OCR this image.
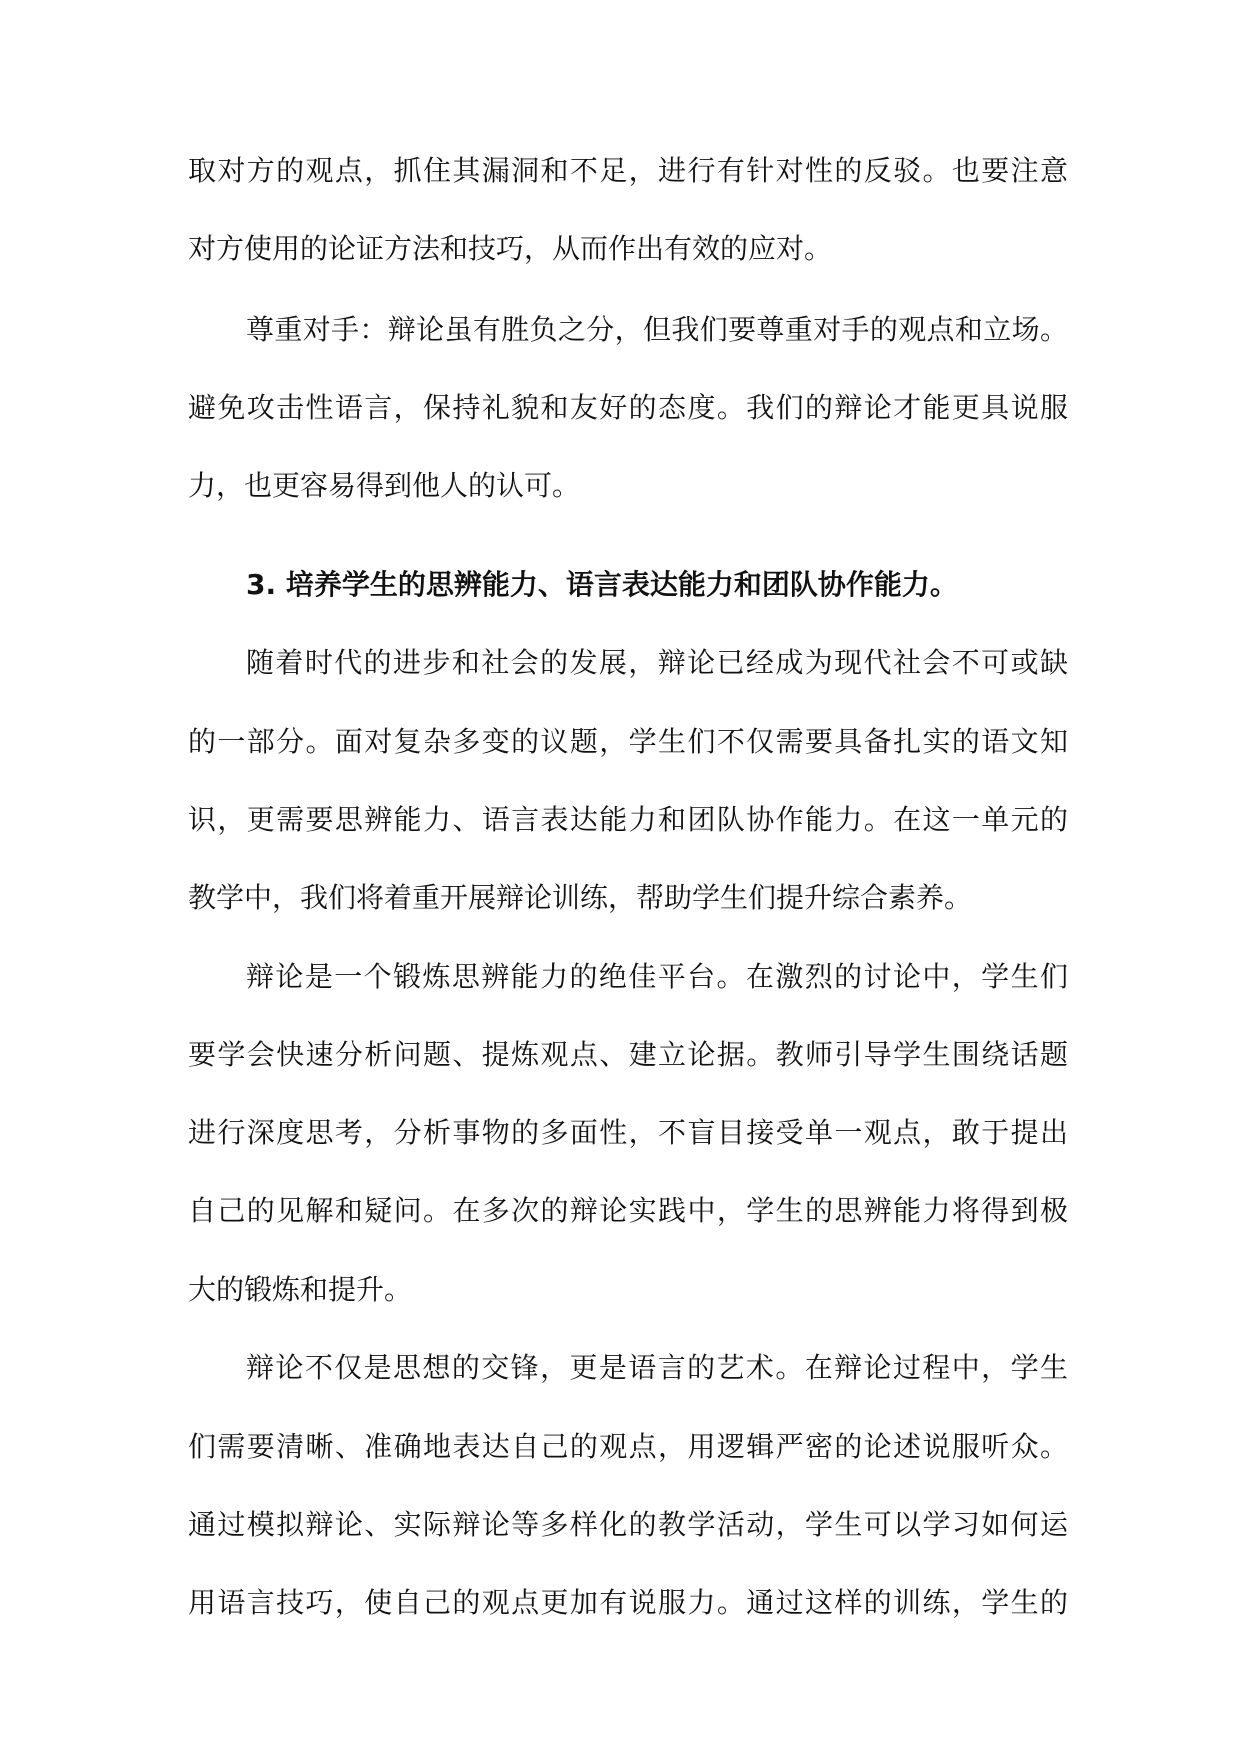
取对方的观点，抓住其漏洞和不足，进行有针对性的反驳。也要注意
对方使用的论证方法和技巧，从而作出有效的应对。
尊重对手：辩论虽有胜负之分，但我们要尊重对手的观点和立场。
避免攻击性语言，保持礼貌和友好的态度。我们的辩论才能更具说服
力，也更容易得到他人的认可。
3. 培养学生的思辨能力、语言表达能力和团队协作能力。
随着时代的进步和社会的发展，辩论已经成为现代社会不可或缺
的一部分。面对复杂多变的议题，学生们不仅需要具备扎实的语文知
识，更需要思辨能力、语言表达能力和团队协作能力。在这一单元的
教学中，我们将着重开展辩论训练，帮助学生们提升综合素养。
辩论是一个锻炼思辨能力的绝佳平台。在激烈的讨论中，学生们
要学会快速分析问题、提炼观点、建立论据。教师引导学生围绕话题
进行深度思考，分析事物的多面性，不盲目接受单一观点，敢于提出
自己的见解和疑问。在多次的辩论实践中，学生的思辨能力将得到极
大的锻炼和提升。
辩论不仅是思想的交锋，更是语言的艺术。在辩论过程中，学生
们需要清晰、准确地表达自己的观点，用逻辑严密的论述说服听众。
通过模拟辩论、实际辩论等多样化的教学活动，学生可以学习如何运
用语言技巧，使自己的观点更加有说服力。通过这样的训练，学生的
